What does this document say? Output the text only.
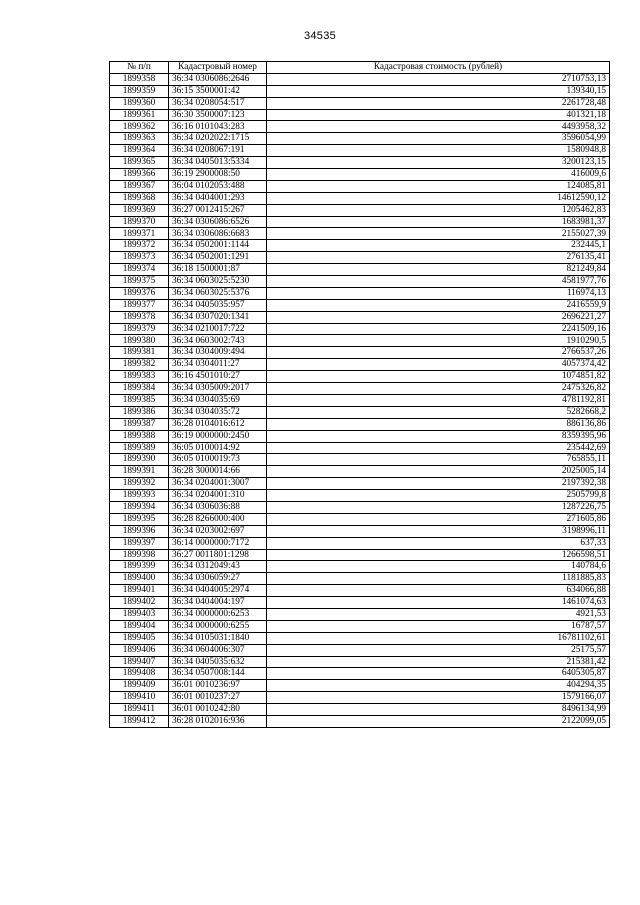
34535
№ п/п	Кадастровый номер	Кадастровая стоимость (рублей)
1899358	36:34 0306086:2646	2710753,13
1899359	36:15 3500001:42	139340,15
1899360	36:34 0208054:517	2261728,48
1899361	36:30 3500007:123	401321,18
1899362	36:16 0101043:283	4493958,32
1899363	36:34 0202022:1715	3596054,99
1899364	36:34 0208067:191	1580948,8
1899365	36:34 0405013:5334	3200123,15
1899366	36:19 2900008:50	416009,6
1899367	36:04 0102053:488	124085,81
1899368	36:34 0404001:293	14612590,12
1899369	36:27 0012415:267	1205462,83
1899370	36:34 0306086:6526	1683981,37
1899371	36:34 0306086:6683	2155027,39
1899372	36:34 0502001:1144	232445,1
1899373	36:34 0502001:1291	276135,41
1899374	36:18 1500001:87	821249,84
1899375	36:34 0603025:5230	4581977,76
1899376	36:34 0603025:5376	116974,13
1899377	36:34 0405035:957	2416559,9
1899378	36:34 0307020:1341	2696221,27
1899379	36:34 0210017:722	2241509,16
1899380	36:34 0603002:743	1910290,5
1899381	36:34 0304009:494	2766537,26
1899382	36:34 0304011:27	4057374,42
1899383	36:16 4501010:27	1074851,82
1899384	36:34 0305009:2017	2475326,82
1899385	36:34 0304035:69	4781192,81
1899386	36:34 0304035:72	5282668,2
1899387	36:28 0104016:612	886136,86
1899388	36:19 0000000:2450	8359395,96
1899389	36:05 0100014:92	235442,69
1899390	36:05 0100019:73	765855,11
1899391	36:28 3000014:66	2025005,14
1899392	36:34 0204001:3007	2197392,38
1899393	36:34 0204001:310	2505799,8
1899394	36:34 0306036:88	1287226,75
1899395	36:28 8266000:400	271605,86
1899396	36:34 0203002:697	3198996,11
1899397	36:14 0000000:7172	637,33
1899398	36:27 0011801:1298	1266598,51
1899399	36:34 0312049:43	140784,6
1899400	36:34 0306059:27	1181885,83
1899401	36:34 0404005:2974	634066,88
1899402	36:34 0404004:197	1461074,63
1899403	36:34 0000000:6253	4921,53
1899404	36:34 0000000:6255	16787,57
1899405	36:34 0105031:1840	16781102,61
1899406	36:34 0604006:307	25175,57
1899407	36:34 0405035:632	215381,42
1899408	36:34 0507008:144	6405305,87
1899409	36:01 0010236:97	404294,35
1899410	36:01 0010237:27	1579166,07
1899411	36:01 0010242:80	8496134,99
1899412	36:28 0102016:936	2122099,05
